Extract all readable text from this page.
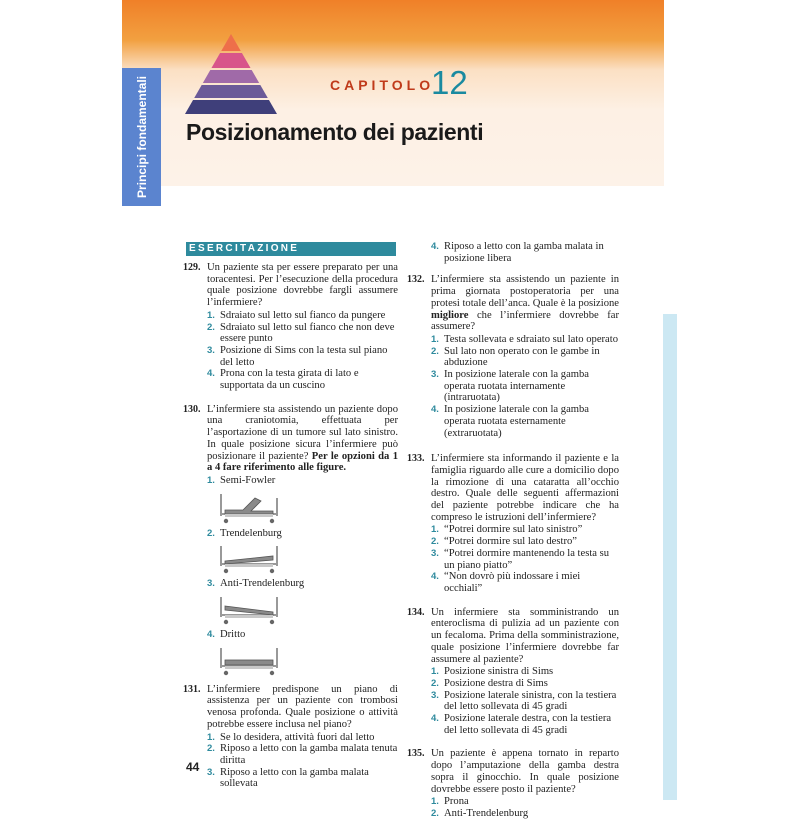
CAPITOLO
12
Posizionamento dei pazienti
Principi fondamentali
ESERCITAZIONE
129. Un paziente sta per essere preparato per una toracentesi. Per l’esecuzione della procedura quale posizione dovrebbe fargli assumere l’infermiere?
1. Sdraiato sul letto sul fianco da pungere
2. Sdraiato sul letto sul fianco che non deve essere punto
3. Posizione di Sims con la testa sul piano del letto
4. Prona con la testa girata di lato e supportata da un cuscino
130. L’infermiere sta assistendo un paziente dopo una craniotomia, effettuata per l’asportazione di un tumore sul lato sinistro. In quale posizione sicura l’infermiere può posizionare il paziente? Per le opzioni da 1 a 4 fare riferimento alle figure.
1. Semi-Fowler
2. Trendelenburg
3. Anti-Trendelenburg
4. Dritto
131. L’infermiere predispone un piano di assistenza per un paziente con trombosi venosa profonda. Quale posizione o attività potrebbe essere inclusa nel piano?
1. Se lo desidera, attività fuori dal letto
2. Riposo a letto con la gamba malata tenuta diritta
3. Riposo a letto con la gamba malata sollevata
4. Riposo a letto con la gamba malata in posizione libera
132. L’infermiere sta assistendo un paziente in prima giornata postoperatoria per una protesi totale dell’anca. Quale è la posizione migliore che l’infermiere dovrebbe far assumere?
1. Testa sollevata e sdraiato sul lato operato
2. Sul lato non operato con le gambe in abduzione
3. In posizione laterale con la gamba operata ruotata internamente (intraruotata)
4. In posizione laterale con la gamba operata ruotata esternamente (extraruotata)
133. L’infermiere sta informando il paziente e la famiglia riguardo alle cure a domicilio dopo la rimozione di una cataratta all’occhio destro. Quale delle seguenti affermazioni del paziente potrebbe indicare che ha compreso le istruzioni dell’infermiere?
1. “Potrei dormire sul lato sinistro”
2. “Potrei dormire sul lato destro”
3. “Potrei dormire mantenendo la testa su un piano piatto”
4. “Non dovrò più indossare i miei occhiali”
134. Un infermiere sta somministrando un enteroclisma di pulizia ad un paziente con un fecaloma. Prima della somministrazione, quale posizione l’infermiere dovrebbe far assumere al paziente?
1. Posizione sinistra di Sims
2. Posizione destra di Sims
3. Posizione laterale sinistra, con la testiera del letto sollevata di 45 gradi
4. Posizione laterale destra, con la testiera del letto sollevata di 45 gradi
135. Un paziente è appena tornato in reparto dopo l’amputazione della gamba destra sopra il ginocchio. In quale posizione dovrebbe essere posto il paziente?
1. Prona
2. Anti-Trendelenburg
44
